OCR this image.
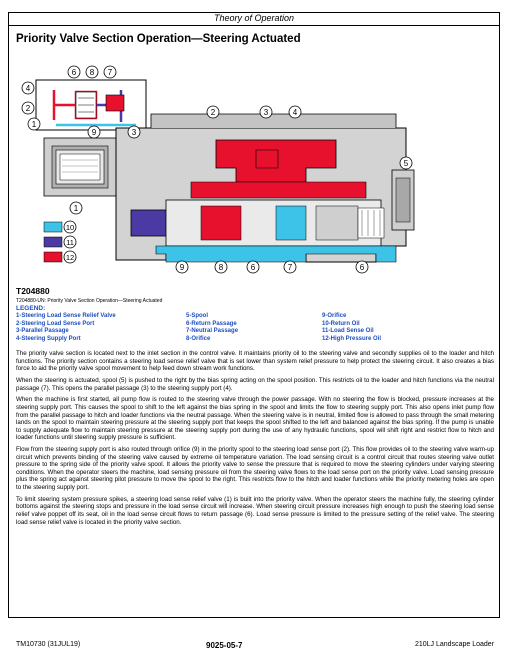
Theory of Operation
Priority Valve Section Operation—Steering Actuated
6 8 7
4
2
1
9	3
1
2	3	4
5
9	8	6	7	6
10
11
12
T204880
T204880-UN: Priority Valve Section Operation—Steering Actuated
LEGEND:
1-Steering Load Sense Relief Valve
2-Steering Load Sense Port
3-Parallel Passage
4-Steering Supply Port
5-Spool
6-Return Passage
7-Neutral Passage
8-Orifice
9-Orifice
10-Return Oil
11-Load Sense Oil
12-High Pressure Oil

The priority valve section is located next to the inlet section in the control valve. It maintains priority oil to the steering valve and secondly supplies oil to the loader and hitch functions. The priority section contains a steering load sense relief valve that is set lower than system relief pressure to help protect the steering circuit. It also creates a bias force to aid the priority valve spool movement to help feed down stream work functions.

When the steering is actuated, spool (5) is pushed to the right by the bias spring acting on the spool position. This restricts oil to the loader and hitch functions via the neutral passage (7). This opens the parallel passage (3) to the steering supply port (4).

When the machine is first started, all pump flow is routed to the steering valve through the power passage. With no steering the flow is blocked, pressure increases at the steering supply port. This causes the spool to shift to the left against the bias spring in the spool and limits the flow to steering supply port. This also opens inlet pump flow from the parallel passage to hitch and loader functions via the neutral passage. When the steering valve is in neutral, limited flow is allowed to pass through the small metering lands on the spool to maintain steering pressure at the steering supply port that keeps the spool shifted to the left and balanced against the bias spring. If the pump is unable to supply adequate flow to maintain steering pressure at the steering supply port during the use of any hydraulic functions, spool will shift right and restrict flow to hitch and loader functions until steering supply pressure is sufficient.

Flow from the steering supply port is also routed through orifice (9) in the priority spool to the steering load sense port (2). This flow provides oil to the steering valve warm-up circuit which prevents binding of the steering valve caused by extreme oil temperature variation. The load sensing circuit is a control circuit that routes steering valve outlet pressure to the spring side of the priority valve spool. It allows the priority valve to sense the pressure that is required to move the steering cylinders under varying steering conditions. When the operator steers the machine, load sensing pressure oil from the steering valve flows to the load sense port on the priority valve. Load sensing pressure plus the spring act against steering pilot pressure to move the spool to the right. This restricts flow to the hitch and loader functions while the priority metering holes are open to the steering supply port.

To limit steering system pressure spikes, a steering load sense relief valve (1) is built into the priority valve. When the operator steers the machine fully, the steering cylinder bottoms against the steering stops and pressure in the load sense circuit will increase. When steering circuit pressure increases high enough to push the steering load sense relief valve poppet off its seat, oil in the load sense circuit flows to return passage (6). Load sense pressure is limited to the pressure setting of the relief valve. The steering load sense relief valve is located in the priority valve section.

TM10730 (31JUL19)	9025-05-7	210LJ Landscape Loader
